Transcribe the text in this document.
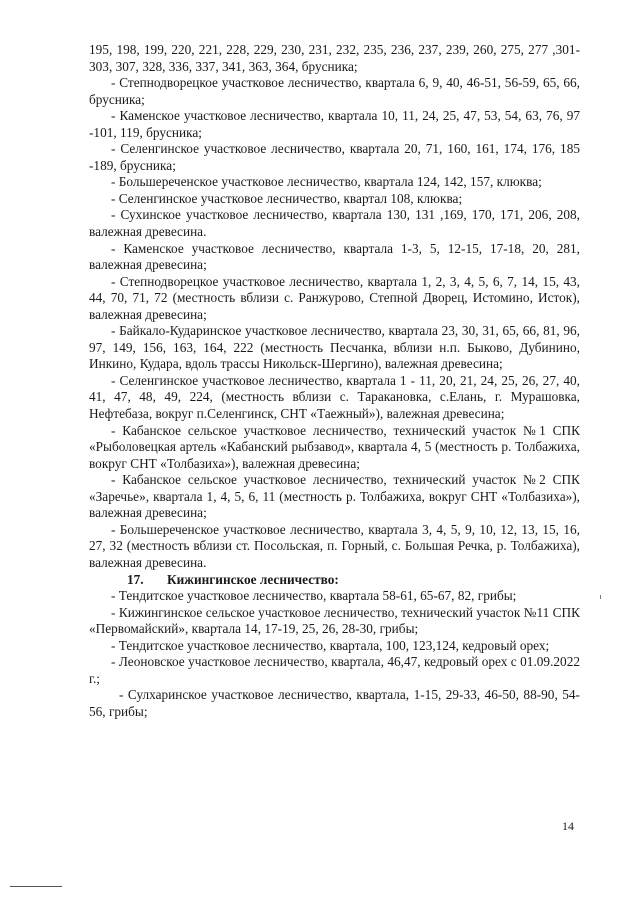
195, 198, 199, 220, 221, 228, 229, 230, 231, 232, 235, 236, 237, 239, 260, 275, 277 ,301-303, 307, 328, 336, 337, 341, 363, 364, брусника;

- Степнодворецкое участковое лесничество, квартала 6, 9, 40, 46-51, 56-59, 65, 66, брусника;

- Каменское участковое лесничество, квартала 10, 11, 24, 25, 47, 53, 54, 63, 76, 97 -101, 119, брусника;

- Селенгинское участковое лесничество, квартала 20, 71, 160, 161, 174, 176, 185 -189, брусника;

- Большереченское участковое лесничество, квартала 124, 142, 157, клюква;

- Селенгинское участковое лесничество, квартал 108, клюква;

- Сухинское участковое лесничество, квартала 130, 131 ,169, 170, 171, 206, 208, валежная древесина.

- Каменское участковое лесничество, квартала 1-3, 5, 12-15, 17-18, 20, 281, валежная древесина;

- Степнодворецкое участковое лесничество, квартала 1, 2, 3, 4, 5, 6, 7, 14, 15, 43, 44, 70, 71, 72 (местность вблизи с. Ранжурово, Степной Дворец, Истомино, Исток), валежная древесина;

- Байкало-Кударинское участковое лесничество, квартала 23, 30, 31, 65, 66, 81, 96, 97, 149, 156, 163, 164, 222 (местность Песчанка, вблизи н.п. Быково, Дубинино, Инкино, Кудара, вдоль трассы Никольск-Шергино), валежная древесина;

- Селенгинское участковое лесничество, квартала 1 - 11, 20, 21, 24, 25, 26, 27, 40, 41, 47, 48, 49, 224, (местность вблизи с. Таракановка, с.Елань, г. Мурашовка, Нефтебаза, вокруг п.Селенгинск, СНТ «Таежный»), валежная древесина;

- Кабанское сельское участковое лесничество, технический участок №1 СПК «Рыболовецкая артель «Кабанский рыбзавод», квартала 4, 5 (местность р. Толбажиха, вокруг СНТ «Толбазиха»), валежная древесина;

- Кабанское сельское участковое лесничество, технический участок №2 СПК «Заречье», квартала 1, 4, 5, 6, 11 (местность р. Толбажиха, вокруг СНТ «Толбазиха»), валежная древесина;

- Большереченское участковое лесничество, квартала 3, 4, 5, 9, 10, 12, 13, 15, 16, 27, 32 (местность вблизи ст. Посольская, п. Горный, с. Большая Речка, р. Толбажиха), валежная древесина.

17. Кижингинское лесничество:

- Тендитское участковое лесничество, квартала 58-61, 65-67, 82, грибы;

- Кижингинское сельское участковое лесничество, технический участок №11 СПК «Первомайский», квартала 14, 17-19, 25, 26, 28-30, грибы;

- Тендитское участковое лесничество, квартала, 100, 123,124, кедровый орех;

- Леоновское участковое лесничество, квартала, 46,47, кедровый орех с 01.09.2022 г.;

- Сулхаринское участковое лесничество, квартала, 1-15, 29-33, 46-50, 88-90, 54-56, грибы;

14
